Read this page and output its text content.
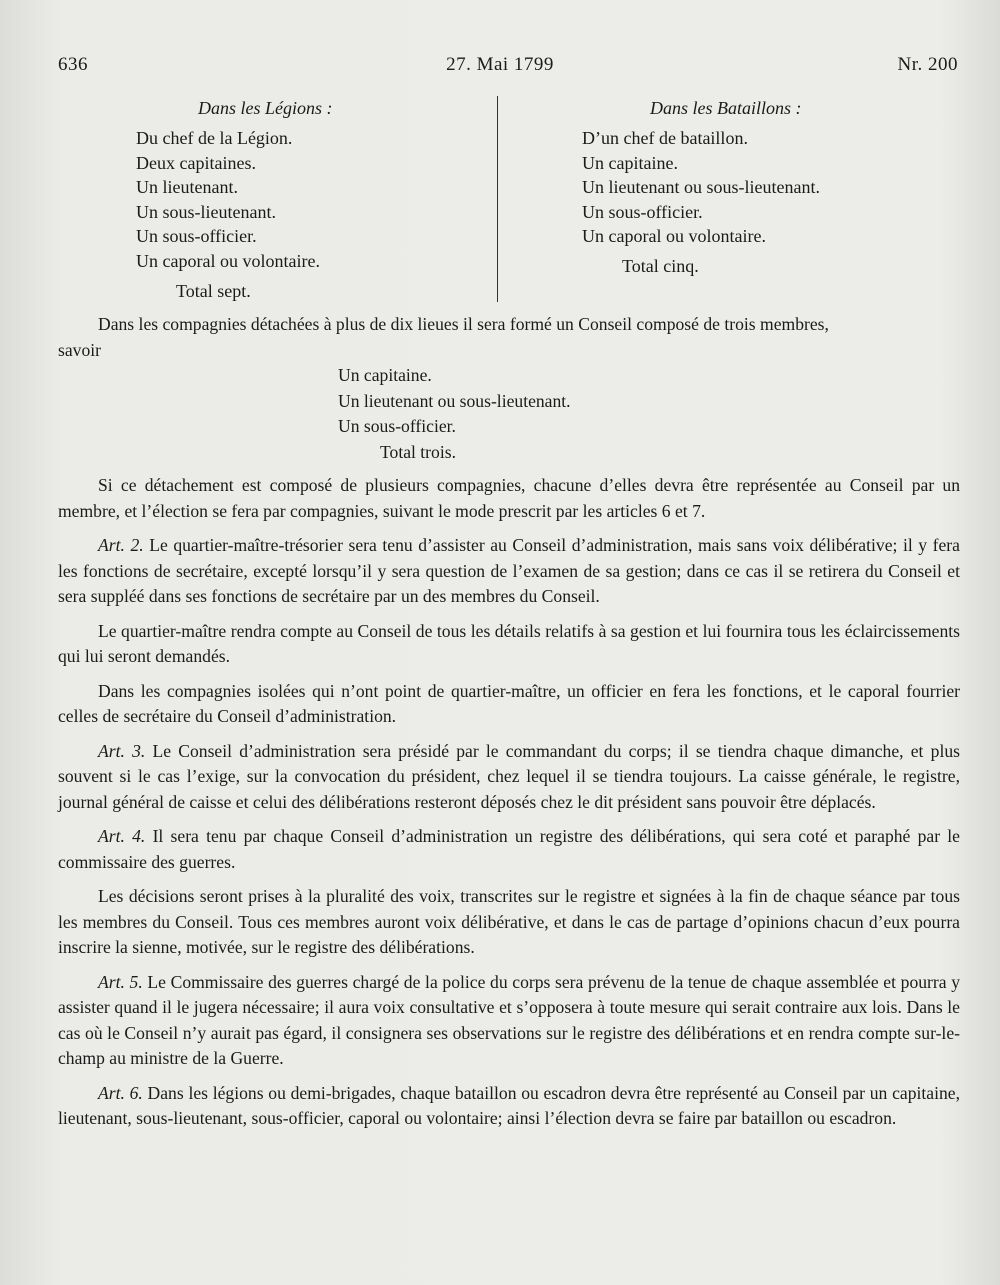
636	27. Mai 1799	Nr. 200
Dans les Légions :
Du chef de la Légion.
Deux capitaines.
Un lieutenant.
Un sous-lieutenant.
Un sous-officier.
Un caporal ou volontaire.
Total sept.
Dans les Bataillons :
D’un chef de bataillon.
Un capitaine.
Un lieutenant ou sous-lieutenant.
Un sous-officier.
Un caporal ou volontaire.
Total cinq.

Dans les compagnies détachées à plus de dix lieues il sera formé un Conseil composé de trois membres,

savoir

Un capitaine.
Un lieutenant ou sous-lieutenant.
Un sous-officier.
Total trois.

Si ce détachement est composé de plusieurs compagnies, chacune d’elles devra être représentée au Conseil par un membre, et l’élection se fera par compagnies, suivant le mode prescrit par les articles 6 et 7.

Art. 2. Le quartier-maître-trésorier sera tenu d’assister au Conseil d’administration, mais sans voix délibérative; il y fera les fonctions de secrétaire, excepté lorsqu’il y sera question de l’examen de sa gestion; dans ce cas il se retirera du Conseil et sera suppléé dans ses fonctions de secrétaire par un des membres du Conseil.

Le quartier-maître rendra compte au Conseil de tous les détails relatifs à sa gestion et lui fournira tous les éclaircissements qui lui seront demandés.

Dans les compagnies isolées qui n’ont point de quartier-maître, un officier en fera les fonctions, et le caporal fourrier celles de secrétaire du Conseil d’administration.

Art. 3. Le Conseil d’administration sera présidé par le commandant du corps; il se tiendra chaque dimanche, et plus souvent si le cas l’exige, sur la convocation du président, chez lequel il se tiendra toujours. La caisse générale, le registre, journal général de caisse et celui des délibérations resteront déposés chez le dit président sans pouvoir être déplacés.

Art. 4. Il sera tenu par chaque Conseil d’administration un registre des délibérations, qui sera coté et paraphé par le commissaire des guerres.

Les décisions seront prises à la pluralité des voix, transcrites sur le registre et signées à la fin de chaque séance par tous les membres du Conseil. Tous ces membres auront voix délibérative, et dans le cas de partage d’opinions chacun d’eux pourra inscrire la sienne, motivée, sur le registre des délibérations.

Art. 5. Le Commissaire des guerres chargé de la police du corps sera prévenu de la tenue de chaque assemblée et pourra y assister quand il le jugera nécessaire; il aura voix consultative et s’opposera à toute mesure qui serait contraire aux lois. Dans le cas où le Conseil n’y aurait pas égard, il consignera ses observations sur le registre des délibérations et en rendra compte sur-le-champ au ministre de la Guerre.

Art. 6. Dans les légions ou demi-brigades, chaque bataillon ou escadron devra être représenté au Conseil par un capitaine, lieutenant, sous-lieutenant, sous-officier, caporal ou volontaire; ainsi l’élection devra se faire par bataillon ou escadron.
